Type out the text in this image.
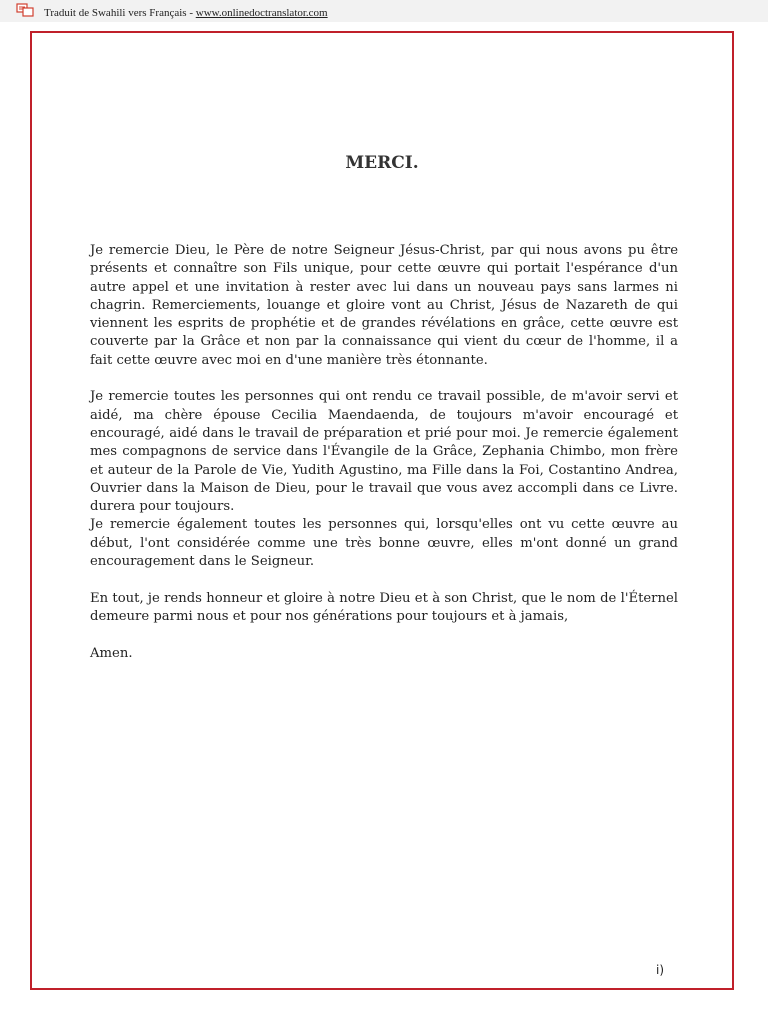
Traduit de Swahili vers Français - www.onlinedoctranslator.com
MERCI.

Je remercie Dieu, le Père de notre Seigneur Jésus-Christ, par qui nous avons pu être présents et connaître son Fils unique, pour cette œuvre qui portait l'espérance d'un autre appel et une invitation à rester avec lui dans un nouveau pays sans larmes ni chagrin. Remerciements, louange et gloire vont au Christ, Jésus de Nazareth de qui viennent les esprits de prophétie et de grandes révélations en grâce, cette œuvre est couverte par la Grâce et non par la connaissance qui vient du cœur de l'homme, il a fait cette œuvre avec moi en d'une manière très étonnante.

Je remercie toutes les personnes qui ont rendu ce travail possible, de m'avoir servi et aidé, ma chère épouse Cecilia Maendaenda, de toujours m'avoir encouragé et encouragé, aidé dans le travail de préparation et prié pour moi. Je remercie également mes compagnons de service dans l'Évangile de la Grâce, Zephania Chimbo, mon frère et auteur de la Parole de Vie, Yudith Agustino, ma Fille dans la Foi, Costantino Andrea, Ouvrier dans la Maison de Dieu, pour le travail que vous avez accompli dans ce Livre. durera pour toujours.

Je remercie également toutes les personnes qui, lorsqu'elles ont vu cette œuvre au début, l'ont considérée comme une très bonne œuvre, elles m'ont donné un grand encouragement dans le Seigneur.

En tout, je rends honneur et gloire à notre Dieu et à son Christ, que le nom de l'Éternel demeure parmi nous et pour nos générations pour toujours et à jamais,

Amen.

i)
